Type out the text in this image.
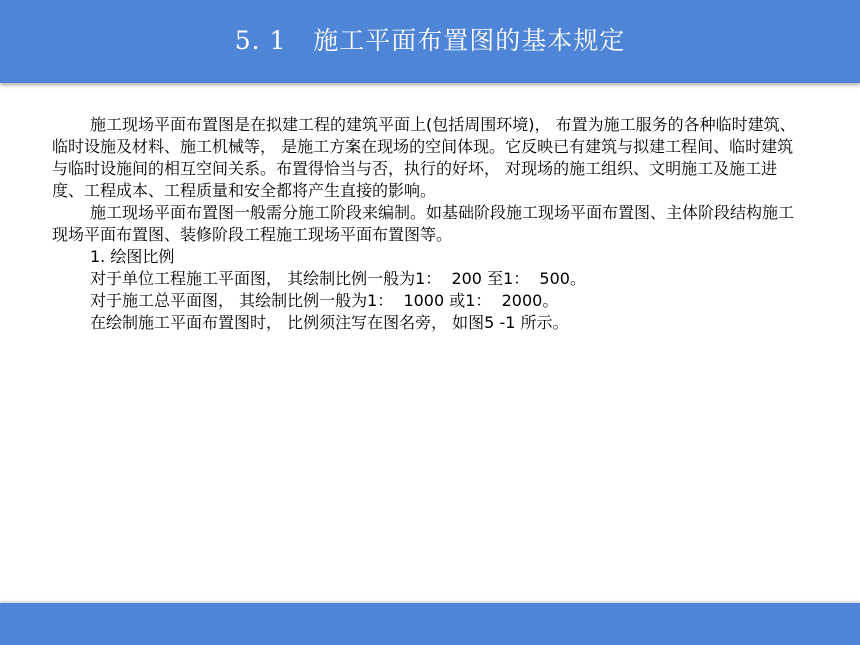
5. 1   施工平面布置图的基本规定

施工现场平面布置图是在拟建工程的建筑平面上(包括周围环境)， 布置为施工服务的各种临时建筑、临时设施及材料、施工机械等， 是施工方案在现场的空间体现。它反映已有建筑与拟建工程间、临时建筑与临时设施间的相互空间关系。布置得恰当与否，执行的好坏， 对现场的施工组织、文明施工及施工进度、工程成本、工程质量和安全都将产生直接的影响。

施工现场平面布置图一般需分施工阶段来编制。如基础阶段施工现场平面布置图、主体阶段结构施工现场平面布置图、装修阶段工程施工现场平面布置图等。

1. 绘图比例

对于单位工程施工平面图， 其绘制比例一般为1：  200 至1：  500。

对于施工总平面图， 其绘制比例一般为1：  1000 或1：  2000。

在绘制施工平面布置图时， 比例须注写在图名旁， 如图5 -1 所示。
